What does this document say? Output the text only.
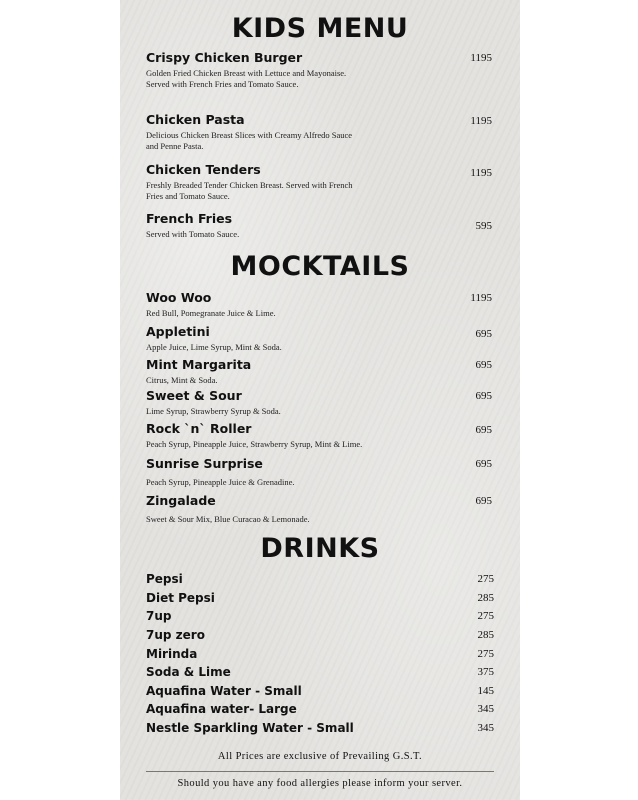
KIDS MENU
Crispy Chicken Burger
Golden Fried Chicken Breast with Lettuce and Mayonaise. Served with French Fries and Tomato Sauce.
1195
Chicken Pasta
Delicious Chicken Breast Slices with Creamy Alfredo Sauce and Penne Pasta.
1195
Chicken Tenders
Freshly Breaded Tender Chicken Breast. Served with French Fries and Tomato Sauce.
1195
French Fries
Served with Tomato Sauce.
595
MOCKTAILS
Woo Woo
Red Bull, Pomegranate Juice & Lime.
1195
Appletini
Apple Juice, Lime Syrup, Mint & Soda.
695
Mint Margarita
Citrus, Mint & Soda.
695
Sweet & Sour
Lime Syrup, Strawberry Syrup & Soda.
695
Rock `n` Roller
Peach Syrup, Pineapple Juice, Strawberry Syrup, Mint & Lime.
695
Sunrise Surprise
Peach Syrup, Pineapple Juice & Grenadine.
695
Zingalade
Sweet & Sour Mix, Blue Curacao & Lemonade.
695
DRINKS
Pepsi	275
Diet Pepsi	285
7up	275
7up zero	285
Mirinda	275
Soda & Lime	375
Aquafina Water - Small	145
Aquafina water- Large	345
Nestle Sparkling Water - Small	345
All Prices are exclusive of Prevailing G.S.T.
Should you have any food allergies please inform your server.
